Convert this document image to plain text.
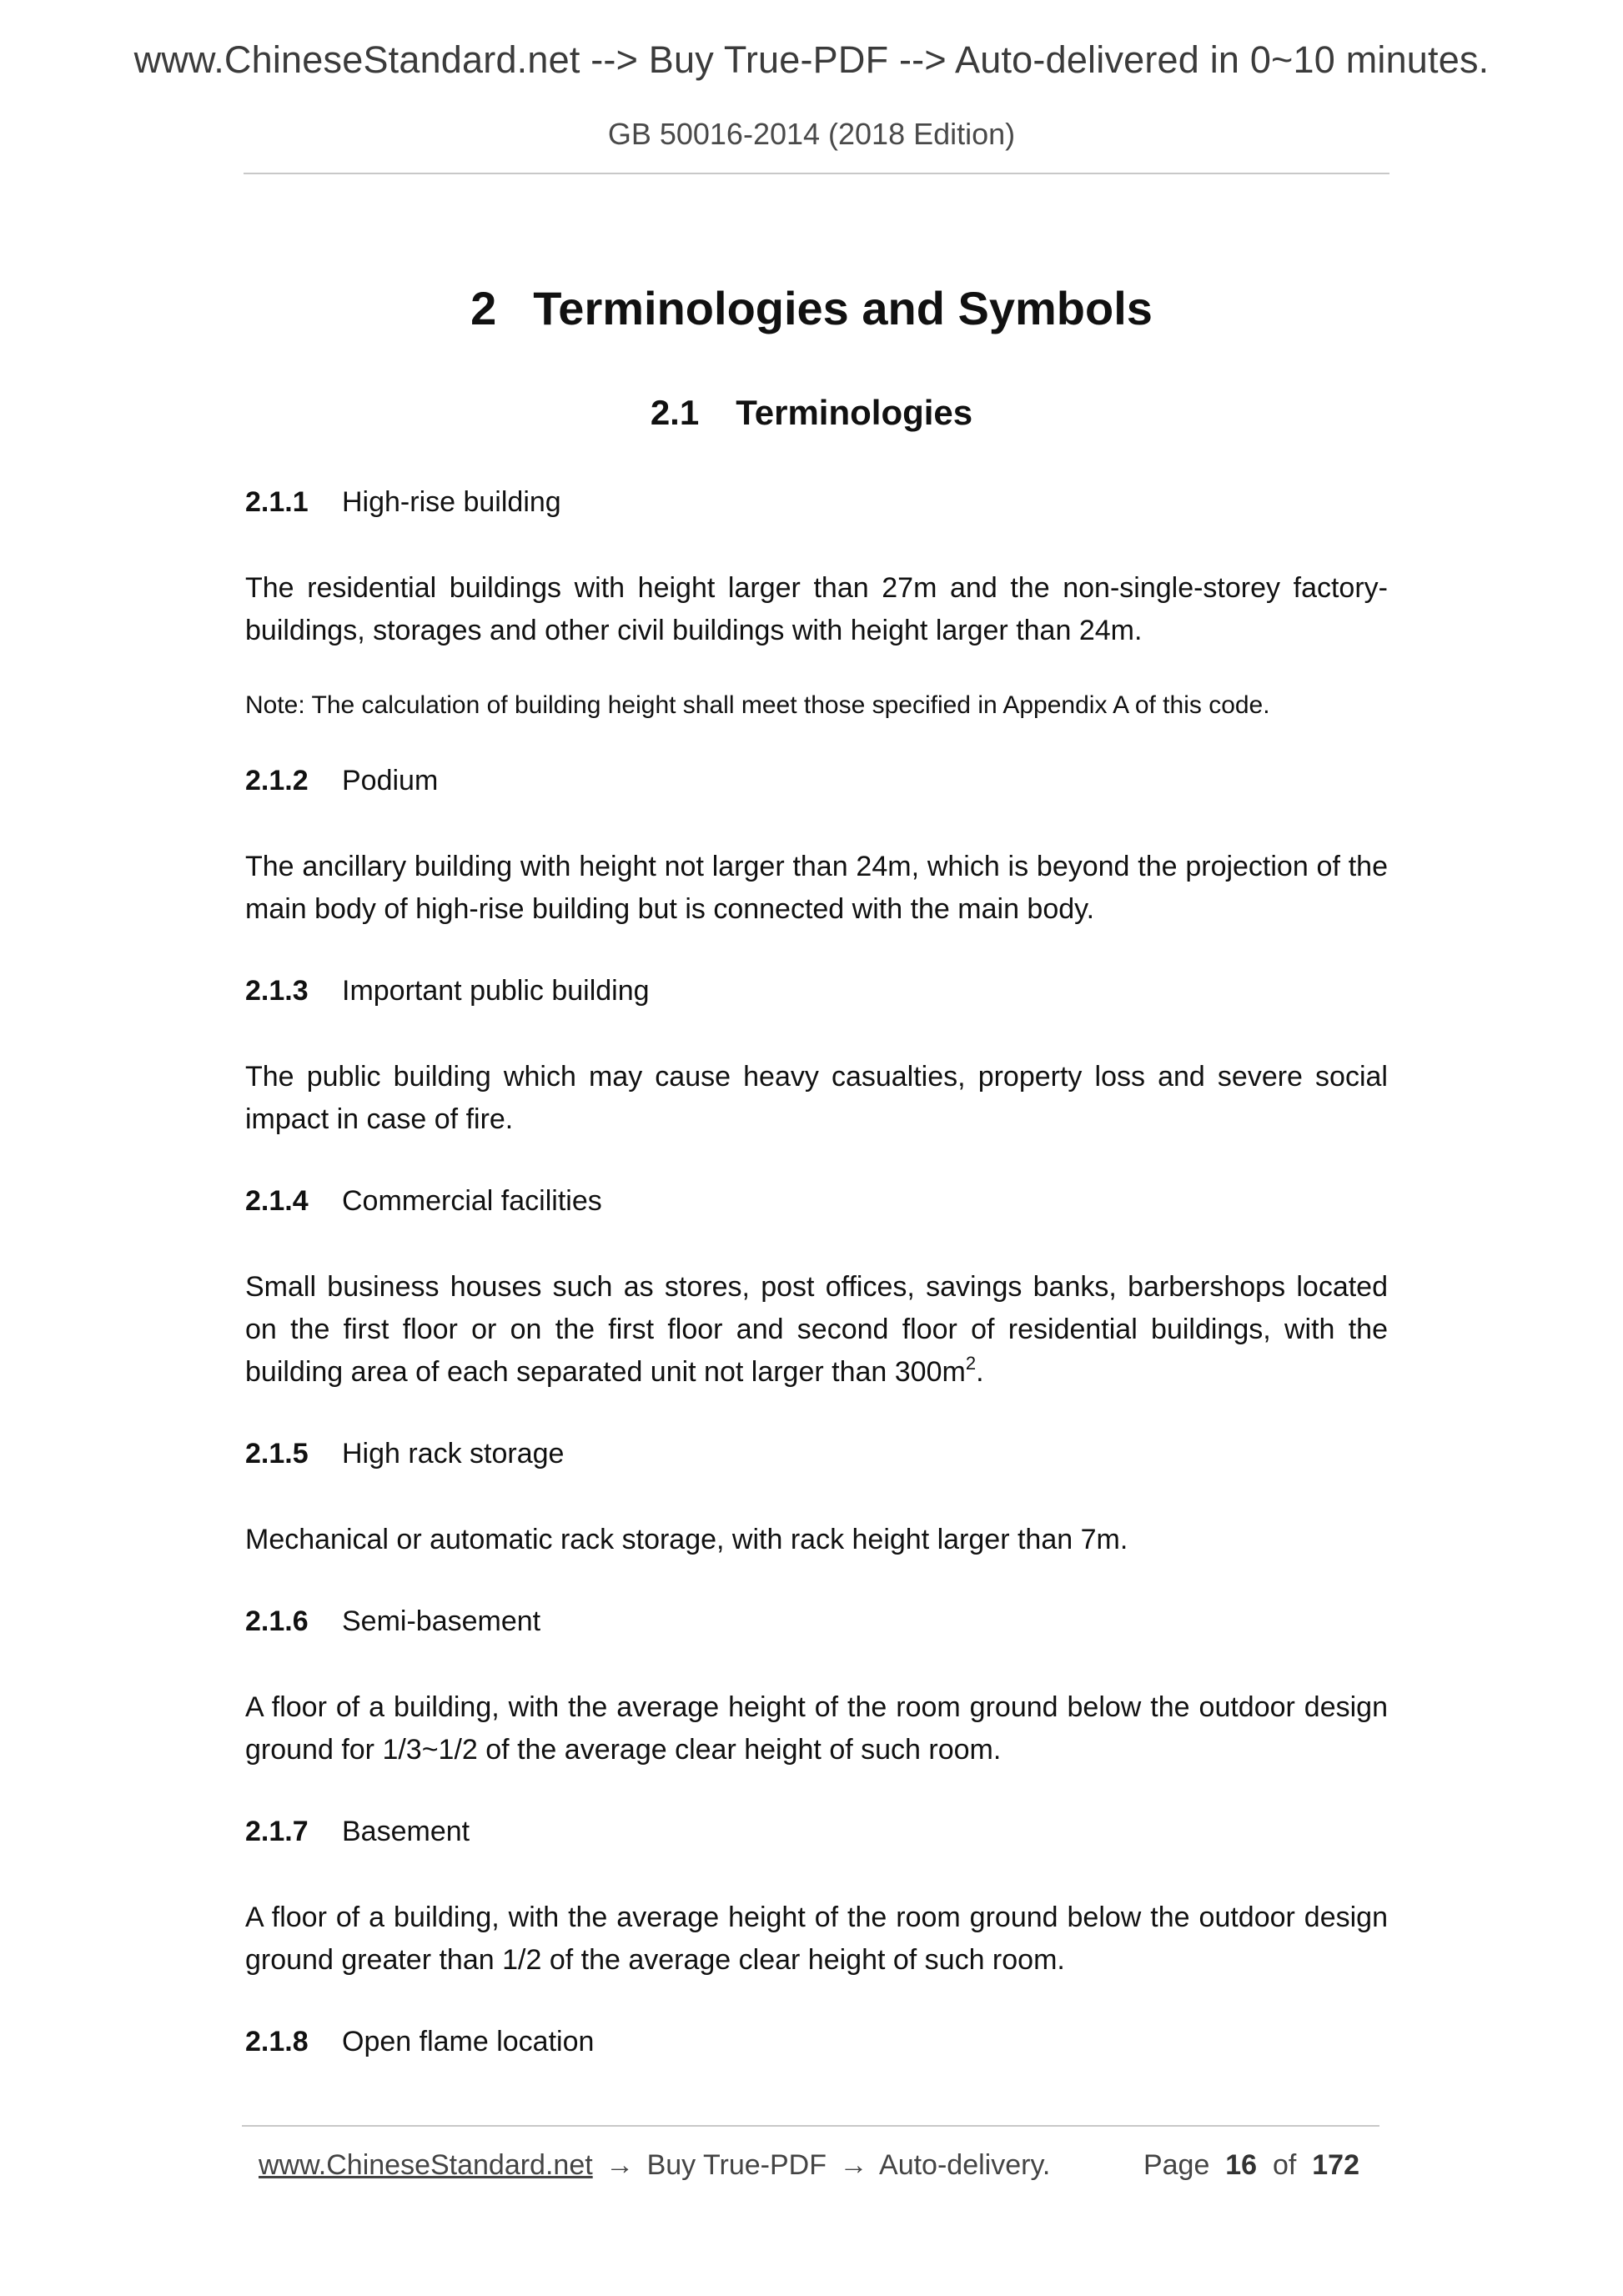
www.ChineseStandard.net --> Buy True-PDF --> Auto-delivered in 0~10 minutes.
GB 50016-2014 (2018 Edition)
2 Terminologies and Symbols
2.1 Terminologies
2.1.1 High-rise building

The residential buildings with height larger than 27m and the non-single-storey factory-buildings, storages and other civil buildings with height larger than 24m.

Note: The calculation of building height shall meet those specified in Appendix A of this code.

2.1.2 Podium

The ancillary building with height not larger than 24m, which is beyond the projection of the main body of high-rise building but is connected with the main body.

2.1.3 Important public building

The public building which may cause heavy casualties, property loss and severe social impact in case of fire.

2.1.4 Commercial facilities

Small business houses such as stores, post offices, savings banks, barbershops located on the first floor or on the first floor and second floor of residential buildings, with the building area of each separated unit not larger than $300m^2$.

2.1.5 High rack storage

Mechanical or automatic rack storage, with rack height larger than 7m.

2.1.6 Semi-basement

A floor of a building, with the average height of the room ground below the outdoor design ground for 1/3~1/2 of the average clear height of such room.

2.1.7 Basement

A floor of a building, with the average height of the room ground below the outdoor design ground greater than 1/2 of the average clear height of such room.

2.1.8 Open flame location
www.ChineseStandard.net → Buy True-PDF → Auto-delivery.	Page 16 of 172
